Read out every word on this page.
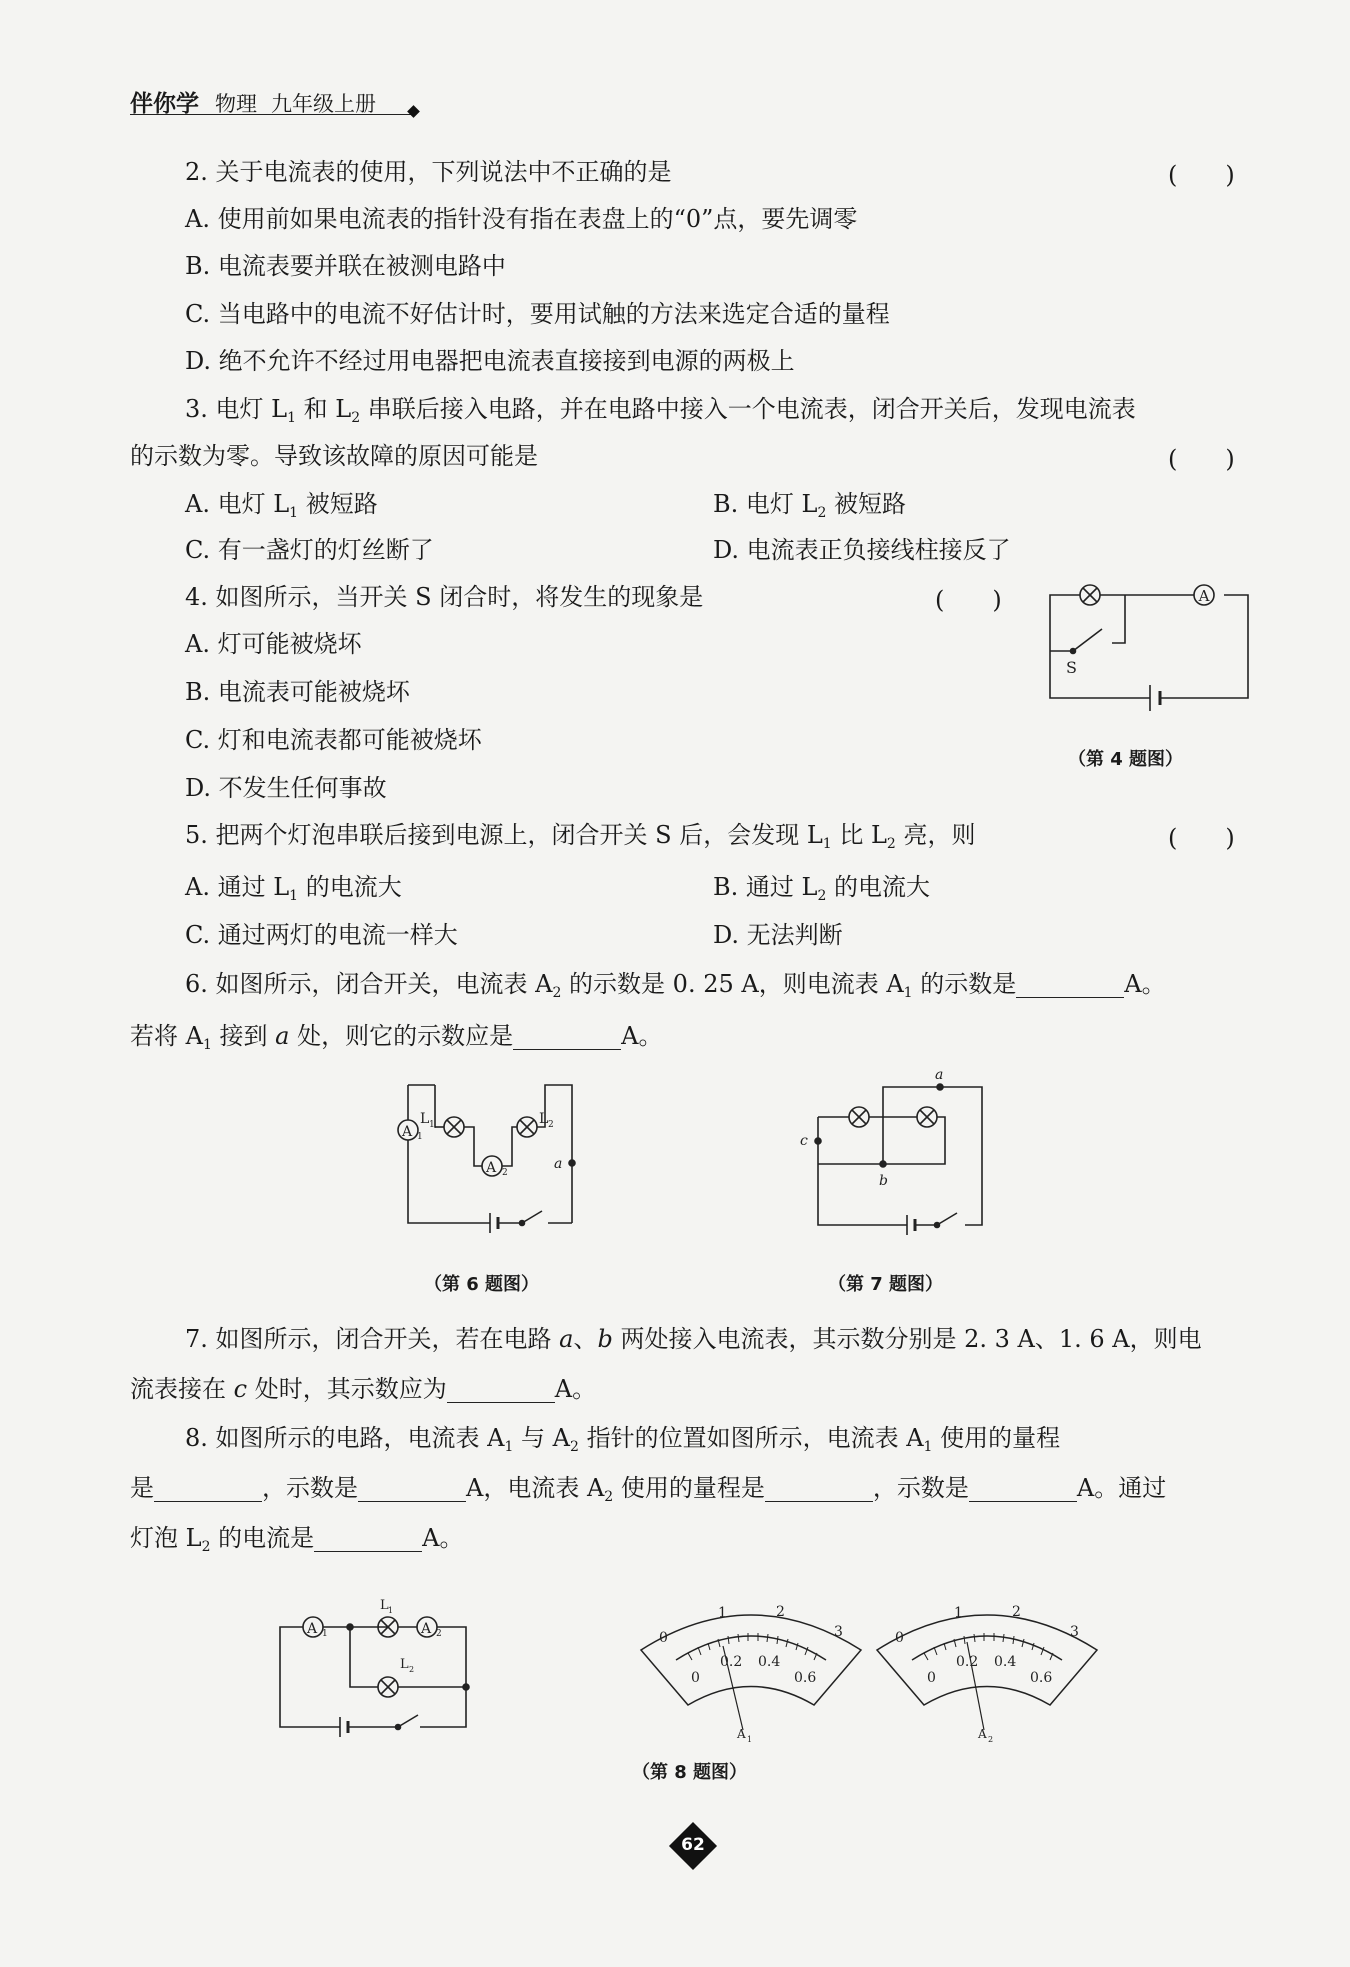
伴你学 物理 九年级上册
2. 关于电流表的使用，下列说法中不正确的是	(　　)
A. 使用前如果电流表的指针没有指在表盘上的“0”点，要先调零
B. 电流表要并联在被测电路中
C. 当电路中的电流不好估计时，要用试触的方法来选定合适的量程
D. 绝不允许不经过用电器把电流表直接接到电源的两极上
3. 电灯 $L_1$ 和 $L_2$ 串联后接入电路，并在电路中接入一个电流表，闭合开关后，发现电流表
的示数为零。导致该故障的原因可能是	(　　)
A. 电灯 $L_1$ 被短路	B. 电灯 $L_2$ 被短路
C. 有一盏灯的灯丝断了	D. 电流表正负接线柱接反了
4. 如图所示，当开关 S 闭合时，将发生的现象是	(　　)
A. 灯可能被烧坏
B. 电流表可能被烧坏
C. 灯和电流表都可能被烧坏
D. 不发生任何事故
A
S
（第 4 题图）
5. 把两个灯泡串联后接到电源上，闭合开关 S 后，会发现 $L_1$ 比 $L_2$ 亮，则	(　　)
A. 通过 $L_1$ 的电流大	B. 通过 $L_2$ 的电流大
C. 通过两灯的电流一样大	D. 无法判断
6. 如图所示，闭合开关，电流表 $A_2$ 的示数是 0. 25 A，则电流表 $A_1$ 的示数是	A。
若将 $A_1$ 接到 a 处，则它的示数应是	A。
L 1
A 2
L 2
a
A 1
（第 6 题图）
a
b
c
（第 7 题图）
7. 如图所示，闭合开关，若在电路 a、b 两处接入电流表，其示数分别是 2. 3 A、1. 6 A，则电
流表接在 c 处时，其示数应为	A。
8. 如图所示的电路，电流表 $A_1$ 与 $A_2$ 指针的位置如图所示，电流表 $A_1$ 使用的量程
是	，示数是	A，电流表 $A_2$ 使用的量程是	，示数是	A。通过
灯泡 $L_2$ 的电流是	A。
A 1
L 1
A 2
L 2
0
1	2
3
0
0.2 0.4
0.6
A 1
0
1	2
3
0
0.2 0.4
0.6
A 2
（第 8 题图）
62
